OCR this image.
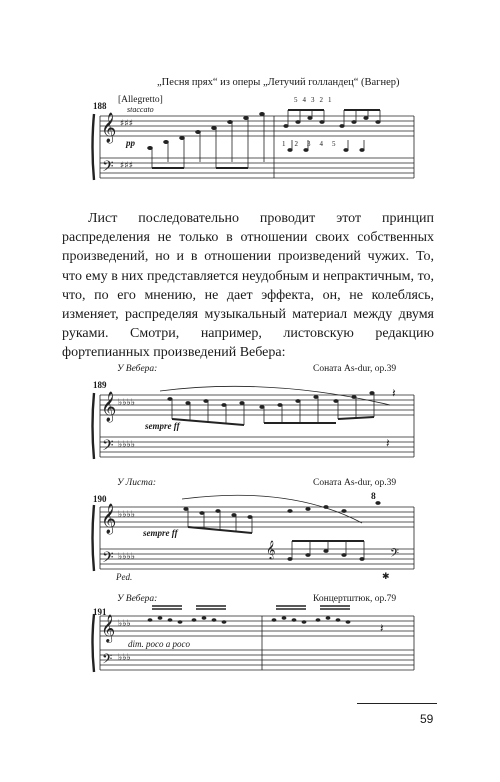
„Песня прях“ из оперы „Летучий голландец“ (Вагнер)
188
[Allegretto]
staccato
pp
𝄞
𝄢
♯♯♯
♯♯♯
54321
12345

Лист последовательно проводит этот принцип распределения не только в отношении своих собственных произведений, но и в отношении произведений чужих. То, что ему в них представляется неудобным и непрактичным, то, что, по его мнению, не дает эффекта, он, не колеблясь, изменяет, распределяя музыкальный материал между двумя руками. Смотри, например, листовскую редакцию фортепианных произведений Вебера:

У Вебера:	Соната As-dur, op.39
189
sempre ff
𝄞
𝄢
♭♭♭♭
♭♭♭♭
𝄽
𝄽
У Листа:	Соната As-dur, op.39
190	8
sempre ff
Ped.
𝄞
𝄢
♭♭♭♭
♭♭♭♭	𝄞	𝄢
✱
У Вебера:	Концертштюк, op.79
191
dim. poco a poco
𝄞
𝄢
♭♭♭
♭♭♭
𝄽
59
